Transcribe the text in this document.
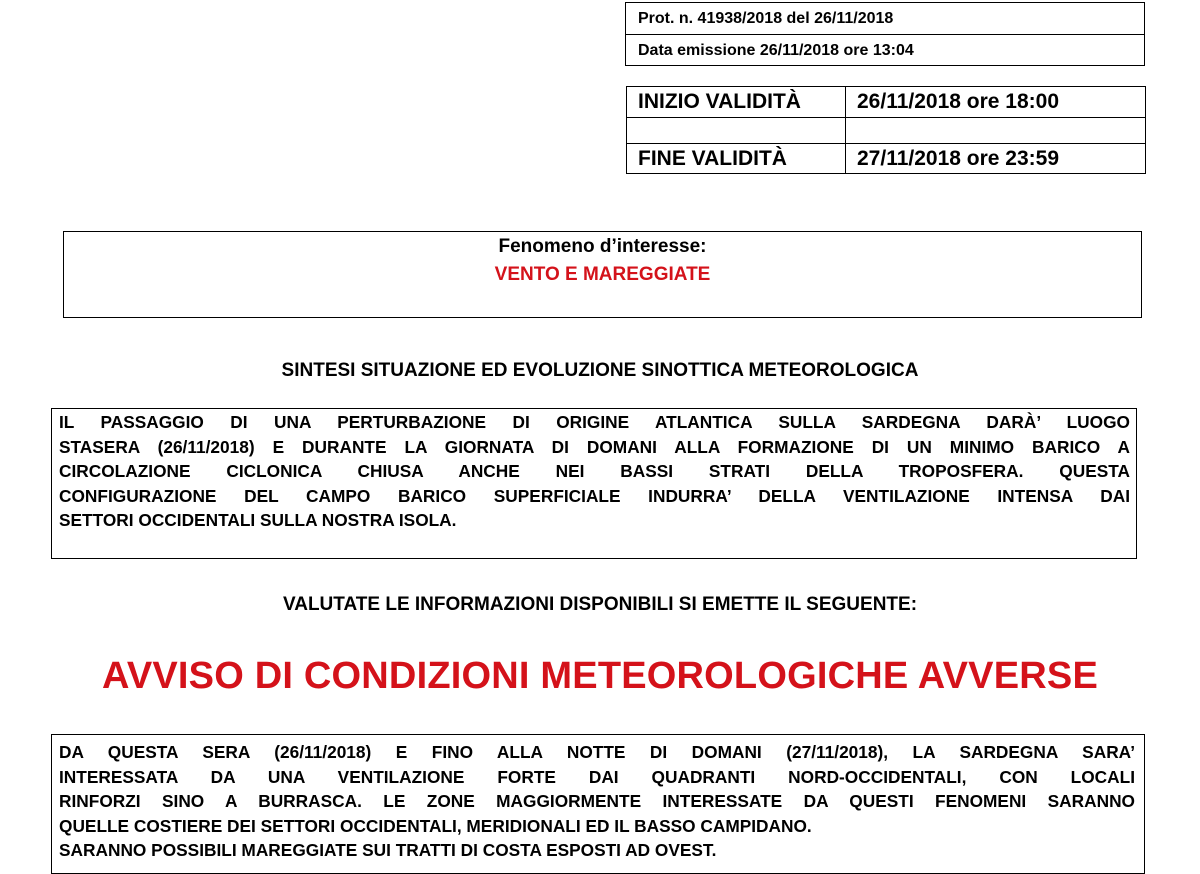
Prot. n. 41938/2018 del 26/11/2018
Data emissione 26/11/2018 ore 13:04
INIZIO VALIDITÀ	26/11/2018 ore 18:00
FINE VALIDITÀ	27/11/2018 ore 23:59
Fenomeno d’interesse:
VENTO E MAREGGIATE
SINTESI SITUAZIONE ED EVOLUZIONE SINOTTICA METEOROLOGICA
IL PASSAGGIO DI UNA PERTURBAZIONE DI ORIGINE ATLANTICA SULLA SARDEGNA DARÀ’ LUOGO
STASERA (26/11/2018) E DURANTE LA GIORNATA DI DOMANI ALLA FORMAZIONE DI UN MINIMO BARICO A
CIRCOLAZIONE CICLONICA CHIUSA ANCHE NEI BASSI STRATI DELLA TROPOSFERA. QUESTA
CONFIGURAZIONE DEL CAMPO BARICO SUPERFICIALE INDURRA’ DELLA VENTILAZIONE INTENSA DAI
SETTORI OCCIDENTALI SULLA NOSTRA ISOLA.
VALUTATE LE INFORMAZIONI DISPONIBILI SI EMETTE IL SEGUENTE:
AVVISO DI CONDIZIONI METEOROLOGICHE AVVERSE
DA QUESTA SERA (26/11/2018) E FINO ALLA NOTTE DI DOMANI (27/11/2018), LA SARDEGNA SARA’
INTERESSATA DA UNA VENTILAZIONE FORTE DAI QUADRANTI NORD-OCCIDENTALI, CON LOCALI
RINFORZI SINO A BURRASCA. LE ZONE MAGGIORMENTE INTERESSATE DA QUESTI FENOMENI SARANNO
QUELLE COSTIERE DEI SETTORI OCCIDENTALI, MERIDIONALI ED IL BASSO CAMPIDANO.
SARANNO POSSIBILI MAREGGIATE SUI TRATTI DI COSTA ESPOSTI AD OVEST.
